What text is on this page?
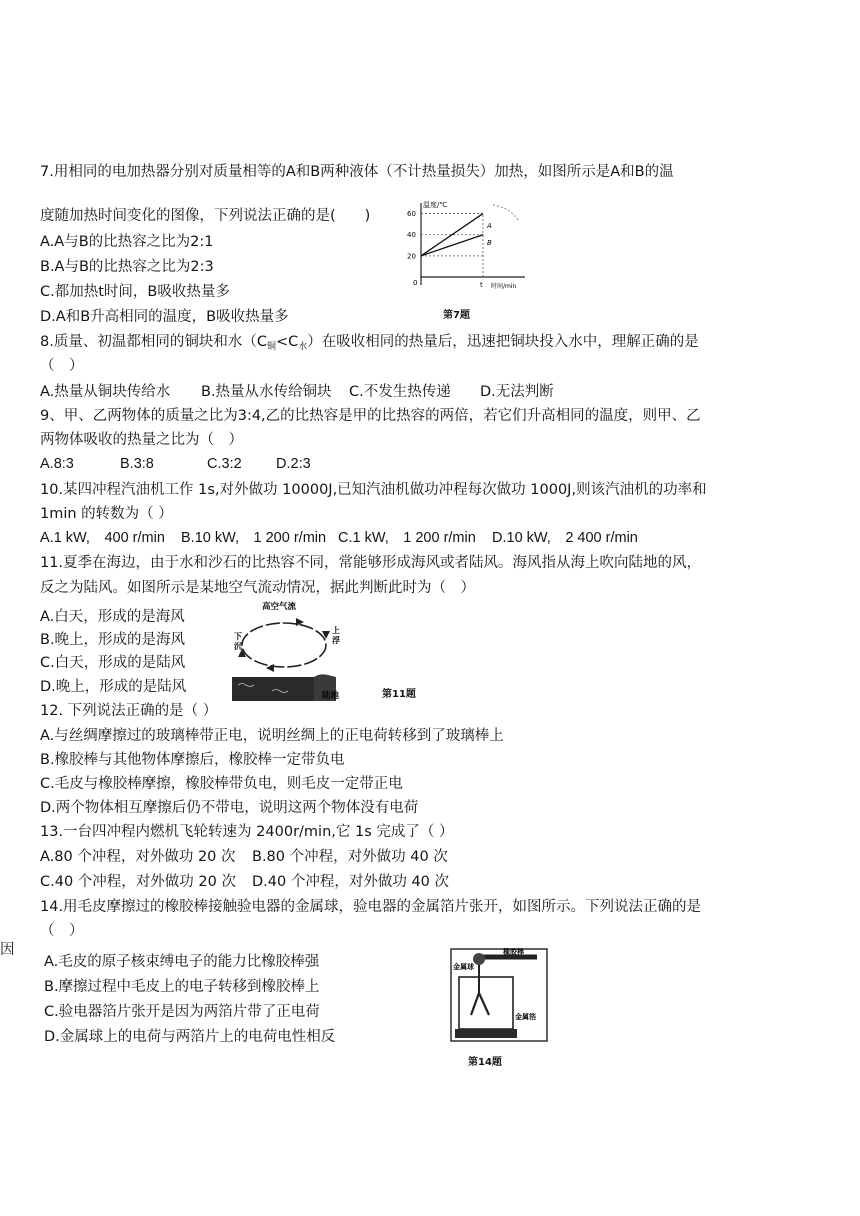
7.用相同的电加热器分别对质量相等的A和B两种液体（不计热量损失）加热，如图所示是A和B的温
度随加热时间变化的图像，下列说法正确的是(　　)
A.A与B的比热容之比为2:1
B.A与B的比热容之比为2:3
C.都加热t时间，B吸收热量多
D.A和B升高相同的温度，B吸收热量多
温度/℃
时间/min
20
40
60
0	t
A
B
第7题
8.质量、初温都相同的铜块和水$(C_铜<C_水)$在吸收相同的热量后，迅速把铜块投入水中，理解正确的是
（　）
A.热量从铜块传给水 B.热量从水传给铜块 C.不发生热传递 D.无法判断
9、甲、乙两物体的质量之比为3:4,乙的比热容是甲的比热容的两倍，若它们升高相同的温度，则甲、乙
两物体吸收的热量之比为（　）
A.8:3	B.3:8	C.3:2 D.2:3
10.某四冲程汽油机工作 1s,对外做功 10000J,已知汽油机做功冲程每次做功 1000J,则该汽油机的功率和
1min 的转数为（ ）
A.1 kW,　400 r/min B.10 kW,　1 200 r/min C.1 kW,　1 200 r/min D.10 kW,　2 400 r/min
11.夏季在海边，由于水和沙石的比热容不同，常能够形成海风或者陆风。海风指从海上吹向陆地的风，
反之为陆风。如图所示是某地空气流动情况，据此判断此时为（　）
A.白天，形成的是海风
B.晚上，形成的是海风
C.白天，形成的是陆风
D.晚上，形成的是陆风
高空气流
下
沉
上
浮
陆地	第11题
12. 下列说法正确的是（ ）
A.与丝绸摩擦过的玻璃棒带正电，说明丝绸上的正电荷转移到了玻璃棒上
B.橡胶棒与其他物体摩擦后，橡胶棒一定带负电
C.毛皮与橡胶棒摩擦，橡胶棒带负电，则毛皮一定带正电
D.两个物体相互摩擦后仍不带电，说明这两个物体没有电荷
13.一台四冲程内燃机飞轮转速为 2400r/min,它 1s 完成了（ ）
A.80 个冲程，对外做功 20 次 B.80 个冲程，对外做功 40 次
C.40 个冲程，对外做功 20 次 D.40 个冲程，对外做功 40 次
14.用毛皮摩擦过的橡胶棒接触验电器的金属球，验电器的金属箔片张开，如图所示。下列说法正确的是
（　）
因
A.毛皮的原子核束缚电子的能力比橡胶棒强
B.摩擦过程中毛皮上的电子转移到橡胶棒上
C.验电器箔片张开是因为两箔片带了正电荷
D.金属球上的电荷与两箔片上的电荷电性相反
橡胶棒
金属球
金属箔
第14题
